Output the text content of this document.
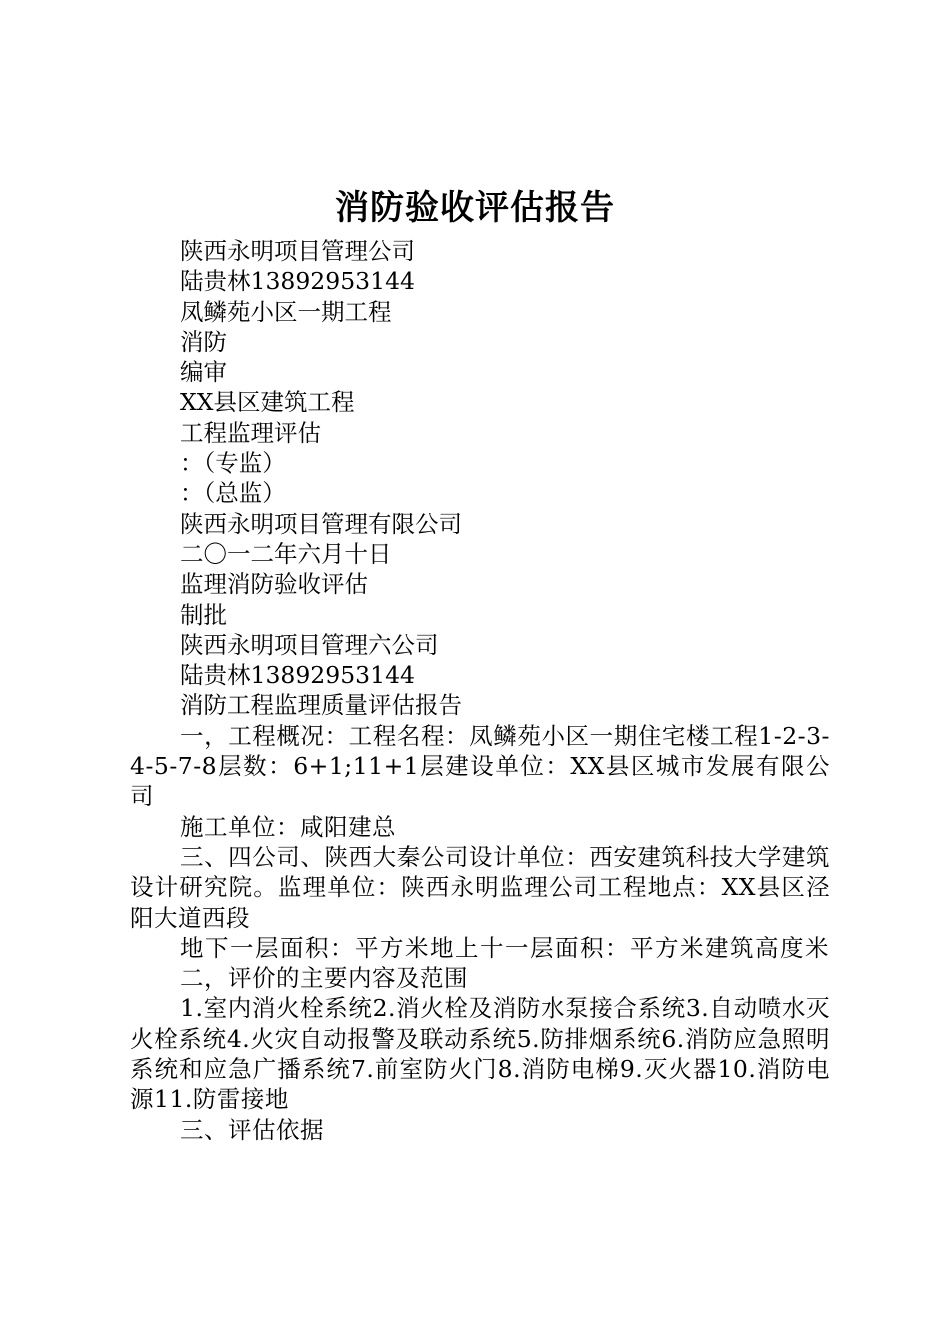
消防验收评估报告
陕西永明项目管理公司
陆贵林13892953144
凤鳞苑小区一期工程
消防
编审
XX县区建筑工程
工程监理评估
：（专监）
：（总监）
陕西永明项目管理有限公司
二〇一二年六月十日
监理消防验收评估
制批
陕西永明项目管理六公司
陆贵林13892953144
消防工程监理质量评估报告
一，工程概况：工程名程：凤鳞苑小区一期住宅楼工程1-2-3-4-5-7-8层数：6+1;11+1层建设单位：XX县区城市发展有限公司
施工单位：咸阳建总
三、四公司、陕西大秦公司设计单位：西安建筑科技大学建筑设计研究院。监理单位：陕西永明监理公司工程地点：XX县区泾阳大道西段
地下一层面积：平方米地上十一层面积：平方米建筑高度米
二，评价的主要内容及范围
1.室内消火栓系统2.消火栓及消防水泵接合系统3.自动喷水灭火栓系统4.火灾自动报警及联动系统5.防排烟系统6.消防应急照明系统和应急广播系统7.前室防火门8.消防电梯9.灭火器10.消防电源11.防雷接地
三、评估依据
